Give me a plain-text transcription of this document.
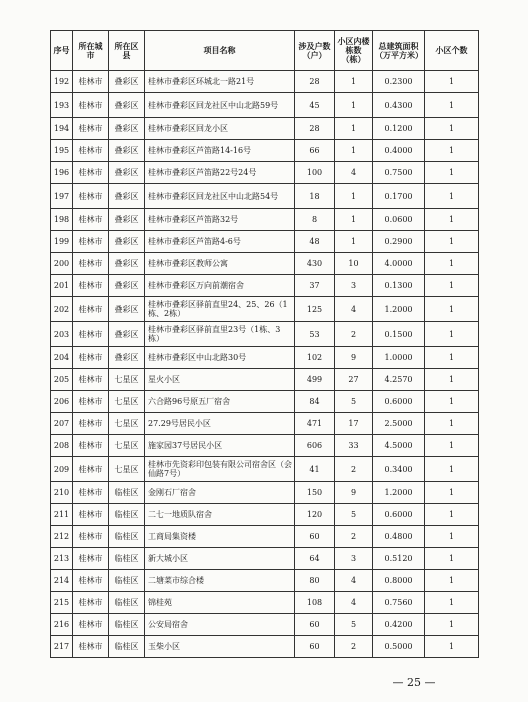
序号	所在城市	所在区县	项目名称	涉及户数（户）	小区内楼栋数（栋）	总建筑面积（万平方米）	小区个数
192	桂林市	叠彩区	桂林市叠彩区环城北一路21号	28	1	0.2300	1
193	桂林市	叠彩区	桂林市叠彩区回龙社区中山北路59号	45	1	0.4300	1
194	桂林市	叠彩区	桂林市叠彩区回龙小区	28	1	0.1200	1
195	桂林市	叠彩区	桂林市叠彩区芦笛路14-16号	66	1	0.4000	1
196	桂林市	叠彩区	桂林市叠彩区芦笛路22号24号	100	4	0.7500	1
197	桂林市	叠彩区	桂林市叠彩区回龙社区中山北路54号	18	1	0.1700	1
198	桂林市	叠彩区	桂林市叠彩区芦笛路32号	8	1	0.0600	1
199	桂林市	叠彩区	桂林市叠彩区芦笛路4-6号	48	1	0.2900	1
200	桂林市	叠彩区	桂林市叠彩区教师公寓	430	10	4.0000	1
201	桂林市	叠彩区	桂林市叠彩区万向前潮宿舍	37	3	0.1300	1
202	桂林市	叠彩区	桂林市叠彩区驿前直里24、25、26（1栋、2栋）	125	4	1.2000	1
203	桂林市	叠彩区	桂林市叠彩区驿前直里23号（1栋、3栋）	53	2	0.1500	1
204	桂林市	叠彩区	桂林市叠彩区中山北路30号	102	9	1.0000	1
205	桂林市	七星区	星火小区	499	27	4.2570	1
206	桂林市	七星区	六合路96号原五厂宿舍	84	5	0.6000	1
207	桂林市	七星区	27.29号居民小区	471	17	2.5000	1
208	桂林市	七星区	施家园37号居民小区	606	33	4.5000	1
209	桂林市	七星区	桂林市先资彩印包装有限公司宿舍区（会仙路7号）	41	2	0.3400	1
210	桂林市	临桂区	金刚石厂宿舍	150	9	1.2000	1
211	桂林市	临桂区	二七一地质队宿舍	120	5	0.6000	1
212	桂林市	临桂区	工商局集资楼	60	2	0.4800	1
213	桂林市	临桂区	新大城小区	64	3	0.5120	1
214	桂林市	临桂区	二塘菜市综合楼	80	4	0.8000	1
215	桂林市	临桂区	锦桂苑	108	4	0.7560	1
216	桂林市	临桂区	公安局宿舍	60	5	0.4200	1
217	桂林市	临桂区	玉柴小区	60	2	0.5000	1
— 25 —
